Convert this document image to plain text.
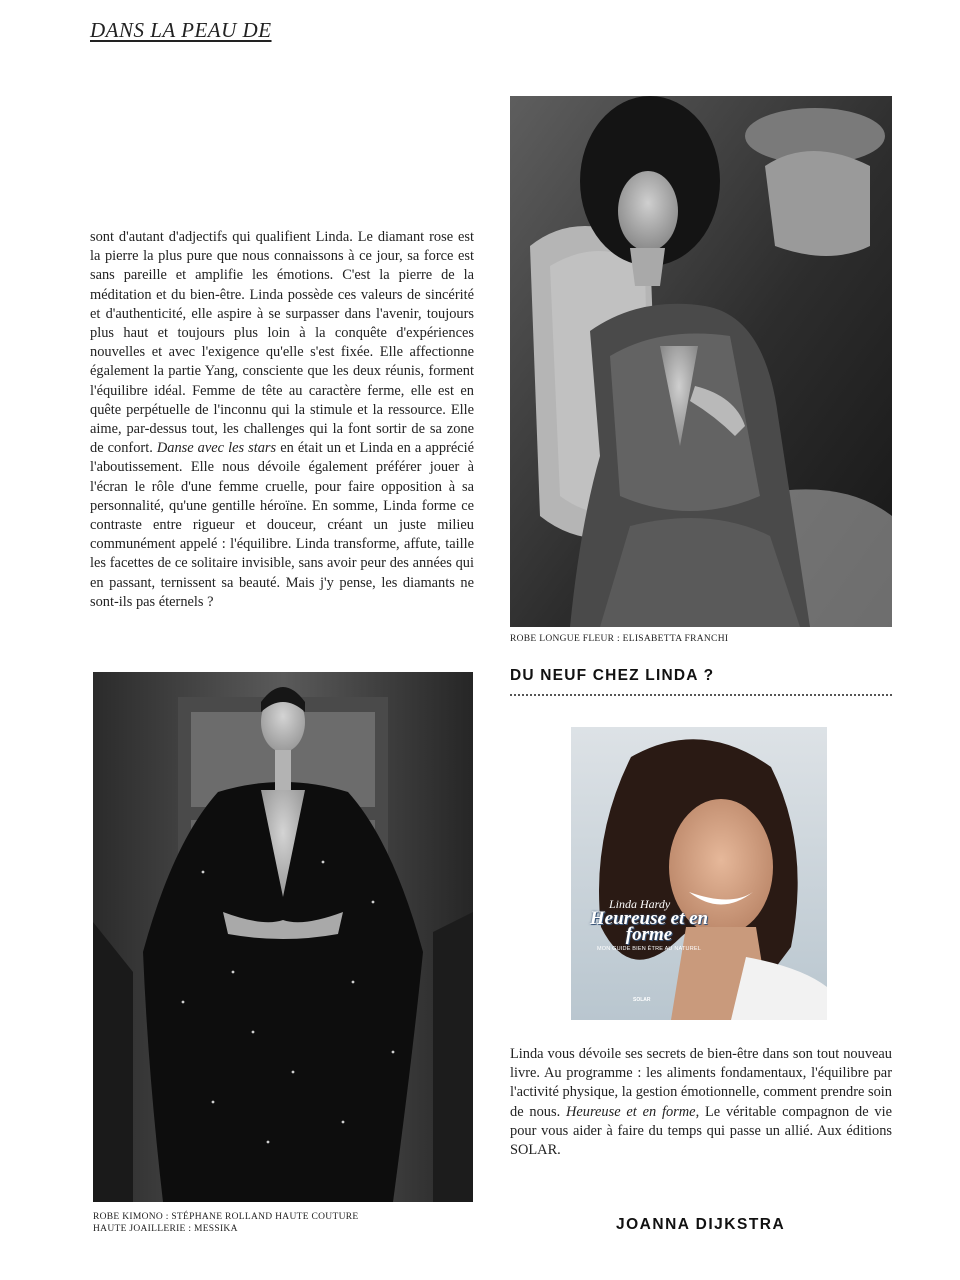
DANS LA PEAU DE
sont d'autant d'adjectifs qui qualifient Linda. Le diamant rose est la pierre la plus pure que nous connaissons à ce jour, sa force est sans pareille et amplifie les émotions. C'est la pierre de la méditation et du bien-être. Linda possède ces valeurs de sincérité et d'authenticité, elle aspire à se surpasser dans l'avenir, toujours plus haut et toujours plus loin à la conquête d'expériences nouvelles et avec l'exigence qu'elle s'est fixée. Elle affectionne également la partie Yang, consciente que les deux réunis, forment l'équilibre idéal. Femme de tête au caractère ferme, elle est en quête perpétuelle de l'inconnu qui la stimule et la ressource. Elle aime, par-dessus tout, les challenges qui la font sortir de sa zone de confort. Danse avec les stars en était un et Linda en a apprécié l'aboutissement. Elle nous dévoile également préférer jouer à l'écran le rôle d'une femme cruelle, pour faire opposition à sa personnalité, qu'une gentille héroïne. En somme, Linda forme ce contraste entre rigueur et douceur, créant un juste milieu communément appelé : l'équilibre. Linda transforme, affute, taille les facettes de ce solitaire invisible, sans avoir peur des années qui en passant, ternissent sa beauté. Mais j'y pense, les diamants ne sont-ils pas éternels ?
ROBE LONGUE FLEUR : ELISABETTA FRANCHI
ROBE KIMONO : STÉPHANE ROLLAND HAUTE COUTURE
HAUTE JOAILLERIE : MESSIKA
DU NEUF CHEZ LINDA ?
Linda Hardy
Heureuse et en forme
MON GUIDE BIEN ÊTRE AU NATUREL
SOLAR
Linda vous dévoile ses secrets de bien-être dans son tout nouveau livre. Au programme : les aliments fondamentaux, l'équilibre par l'activité physique, la gestion émotionnelle, comment prendre soin de nous. Heureuse et en forme, Le véritable compagnon de vie pour vous aider à faire du temps qui passe un allié. Aux éditions SOLAR.
JOANNA DIJKSTRA
